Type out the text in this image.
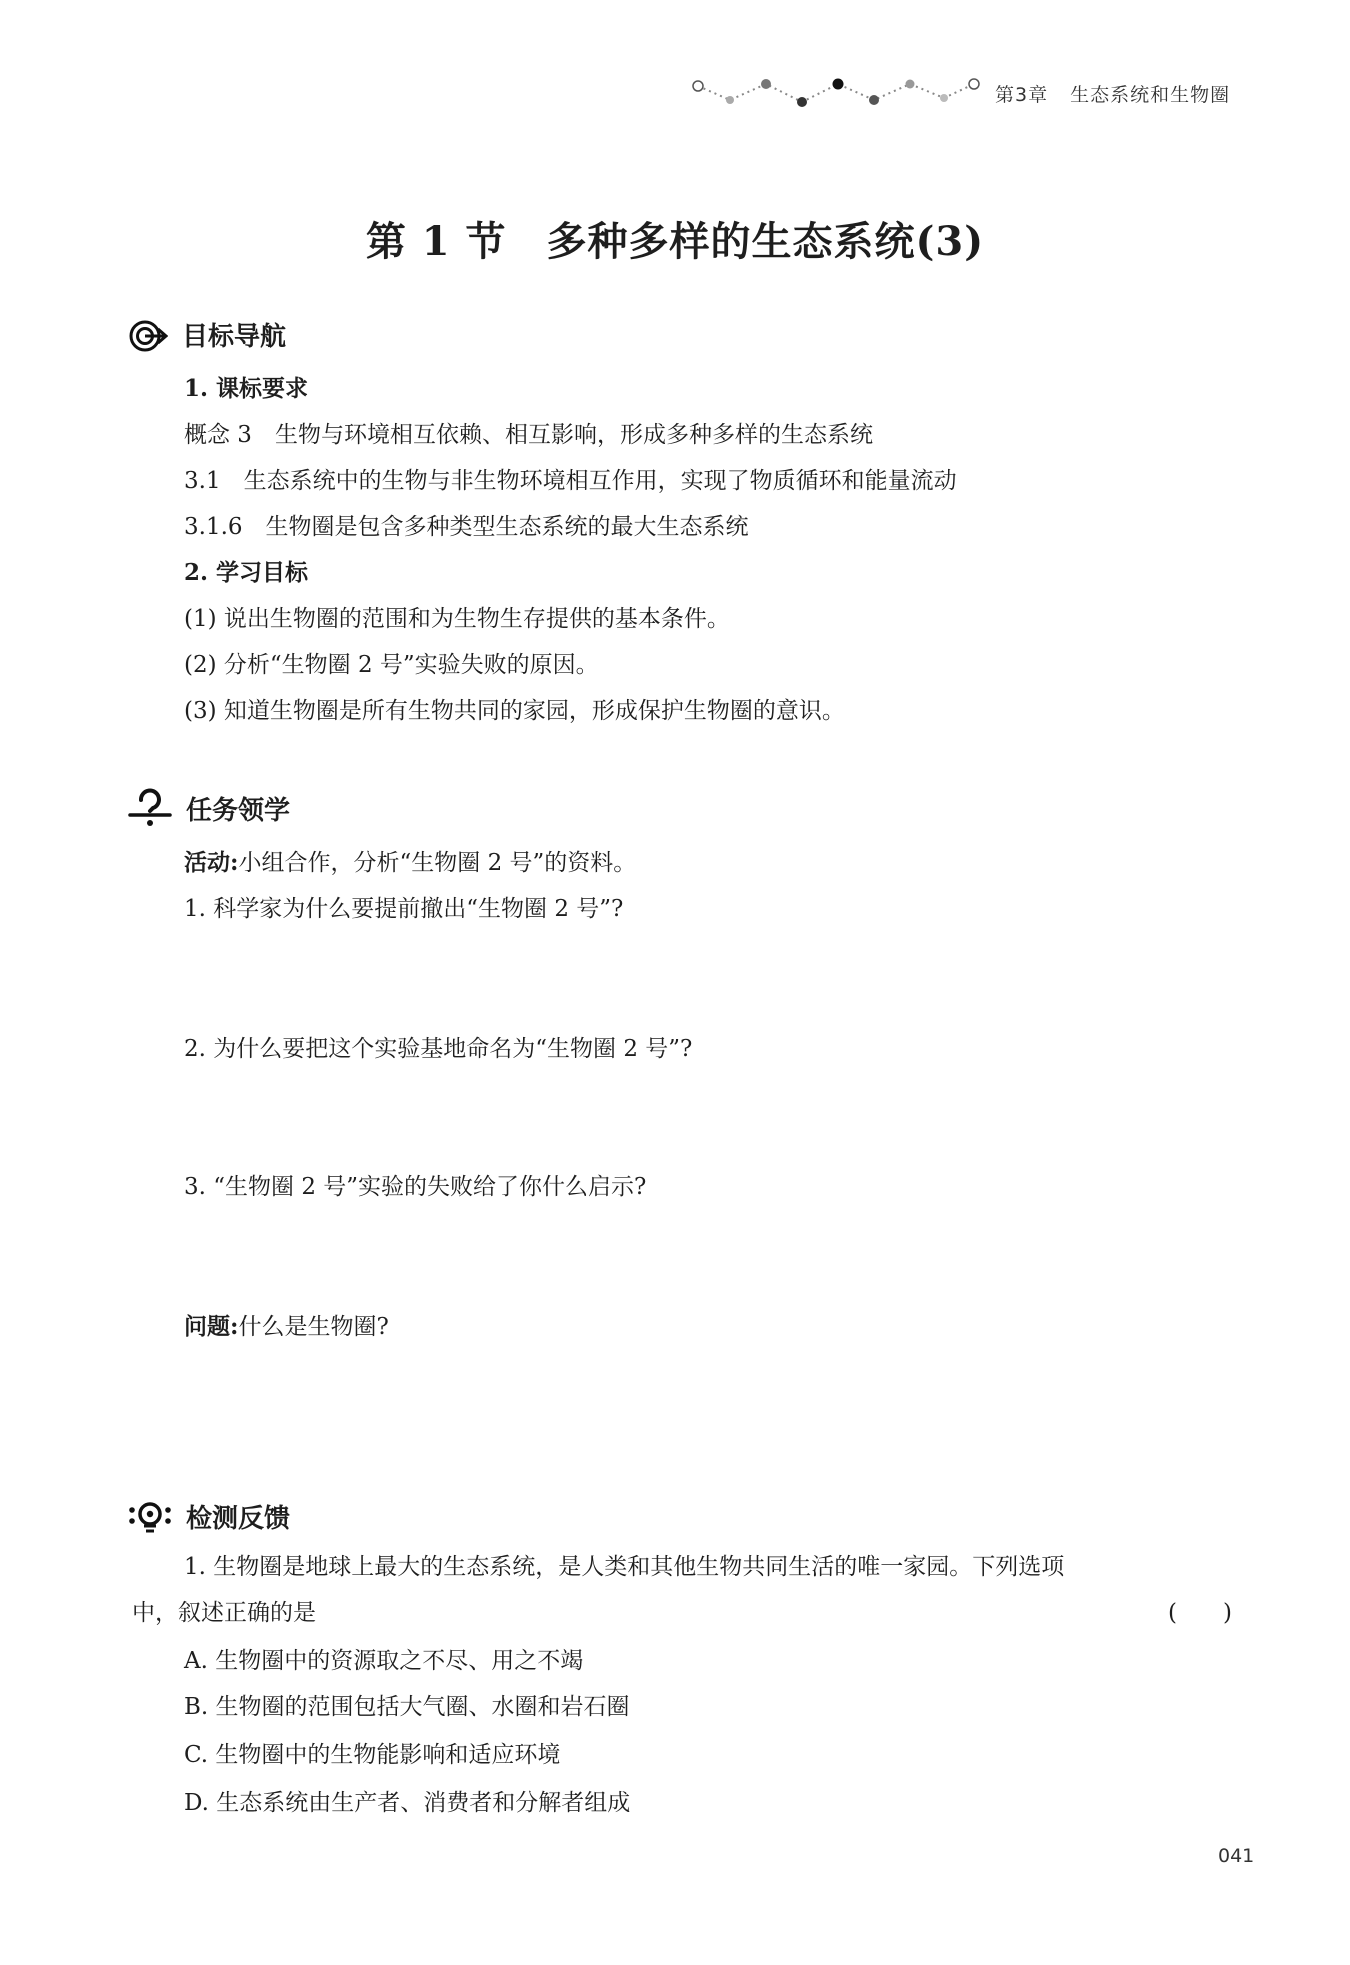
第3章 生态系统和生物圈
第 1 节 多种多样的生态系统(3)
目标导航
1. 课标要求
概念 3　生物与环境相互依赖、相互影响，形成多种多样的生态系统
3.1　生态系统中的生物与非生物环境相互作用，实现了物质循环和能量流动
3.1.6　生物圈是包含多种类型生态系统的最大生态系统
2. 学习目标
(1) 说出生物圈的范围和为生物生存提供的基本条件。
(2) 分析“生物圈 2 号”实验失败的原因。
(3) 知道生物圈是所有生物共同的家园，形成保护生物圈的意识。
任务领学
活动:小组合作，分析“生物圈 2 号”的资料。
1. 科学家为什么要提前撤出“生物圈 2 号”?
2. 为什么要把这个实验基地命名为“生物圈 2 号”?
3. “生物圈 2 号”实验的失败给了你什么启示?
问题:什么是生物圈?
检测反馈
1. 生物圈是地球上最大的生态系统，是人类和其他生物共同生活的唯一家园。下列选项
中，叙述正确的是	(　　)
A. 生物圈中的资源取之不尽、用之不竭
B. 生物圈的范围包括大气圈、水圈和岩石圈
C. 生物圈中的生物能影响和适应环境
D. 生态系统由生产者、消费者和分解者组成
041
